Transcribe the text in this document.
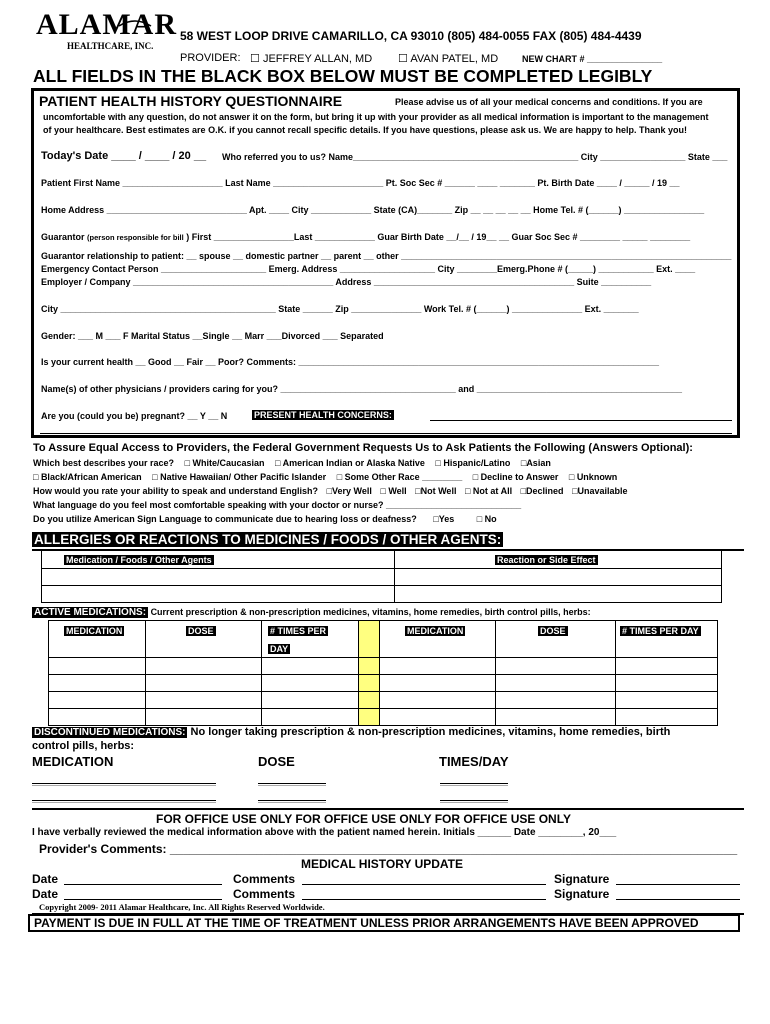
ALAMAR
HEALTHCARE, INC.
58 WEST LOOP DRIVE CAMARILLO, CA 93010 (805) 484-0055 FAX (805) 484-4439
PROVIDER: ☐ JEFFREY ALLAN, MD ☐ AVAN PATEL, MD	NEW CHART # _______________
ALL FIELDS IN THE BLACK BOX BELOW MUST BE COMPLETED LEGIBLY
PATIENT HEALTH HISTORY QUESTIONNAIRE	Please advise us of all your medical concerns and conditions. If you are
uncomfortable with any question, do not answer it on the form, but bring it up with your provider as all medical information is important to the management
of your healthcare. Best estimates are O.K. if you cannot recall specific details. If you have questions, please ask us. We are happy to help. Thank you!
Today's Date ____ / ____ / 20 __ Who referred you to us? Name_____________________________________________ City _________________ State ___
Patient First Name ____________________ Last Name ______________________ Pt. Soc Sec # ______ ____ _______ Pt. Birth Date ____ / _____ / 19 __
Home Address ____________________________ Apt. ____ City ____________ State (CA)_______ Zip __ __ __ __ __ Home Tel. # (______) ________________
Guarantor (person responsible for bill ) First ________________Last ____________ Guar Birth Date __/__ / 19__ __ Guar Soc Sec # ________ _____ ________
Guarantor relationship to patient: __ spouse __ domestic partner __ parent __ other __________________________________________________________________
Emergency Contact Person _____________________ Emerg. Address ___________________ City ________Emerg.Phone # (_____) ___________ Ext. ____
Employer / Company ________________________________________ Address ________________________________________ Suite __________
City ___________________________________________ State ______ Zip ______________ Work Tel. # (______) ______________ Ext. _______
Gender: ___ M ___ F Marital Status __Single __ Marr ___Divorced ___ Separated
Is your current health __ Good __ Fair __ Poor? Comments: ________________________________________________________________________
Name(s) of other physicians / providers caring for you? ___________________________________ and _________________________________________
Are you (could you be) pregnant? __ Y __ N	PRESENT HEALTH CONCERNS:
To Assure Equal Access to Providers, the Federal Government Requests Us to Ask Patients the Following (Answers Optional):
Which best describes your race? □ White/Caucasian □ American Indian or Alaska Native □ Hispanic/Latino □Asian
□ Black/African American □ Native Hawaiian/ Other Pacific Islander □ Some Other Race ________ □ Decline to Answer □ Unknown
How would you rate your ability to speak and understand English? □Very Well □ Well □Not Well □ Not at All □Declined □Unavailable
What language do you feel most comfortable speaking with your doctor or nurse? ___________________________
Do you utilize American Sign Language to communicate due to hearing loss or deafness? □Yes	□ No
ALLERGIES OR REACTIONS TO MEDICINES / FOODS / OTHER AGENTS:
Medication / Foods / Other Agents	Reaction or Side Effect

ACTIVE MEDICATIONS: Current prescription & non-prescription medicines, vitamins, home remedies, birth control pills, herbs:
MEDICATION	DOSE	# TIMES PER
DAY		MEDICATION	DOSE	# TIMES PER DAY

DISCONTINUED MEDICATIONS: No longer taking prescription & non-prescription medicines, vitamins, home remedies, birth
control pills, herbs:
MEDICATION	DOSE	TIMES/DAY
FOR OFFICE USE ONLY FOR OFFICE USE ONLY FOR OFFICE USE ONLY
I have verbally reviewed the medical information above with the patient named herein. Initials ______ Date ________, 20___
Provider's Comments: _____________________________________________________________________________________
MEDICAL HISTORY UPDATE
Date	Comments	Signature
Date	Comments	Signature
Copyright 2009- 2011 Alamar Healthcare, Inc. All Rights Reserved Worldwide.
PAYMENT IS DUE IN FULL AT THE TIME OF TREATMENT UNLESS PRIOR ARRANGEMENTS HAVE BEEN APPROVED
